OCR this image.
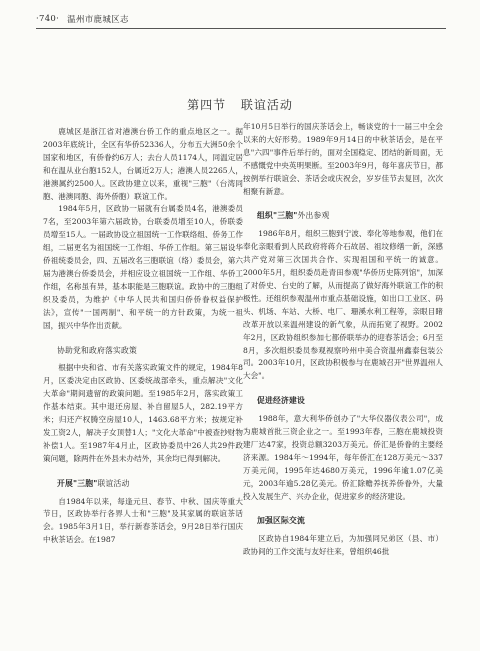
·740· 温州市鹿城区志
第四节 联谊活动

鹿城区是浙江省对港澳台侨工作的重点地区之一。据2003年底统计，全区有华侨52336人，分布五大洲50余个国家和地区，有侨眷约6万人；去台人员1174人，同温定居和在温从业台胞152人，台属近2万人；港澳人员2265人，港澳属约2500人。区政协建立以来，重视"三胞"（台湾同胞、港澳同胞、海外侨胞）联谊工作。

1984年5月，区政协一届就有台属委员4名，港澳委员7名，至2003年第六届政协，台联委员增至10人，侨联委员增至15人。一届政协设立祖国统一工作联络组、侨务工作组，二届更名为祖国统一工作组、华侨工作组。第三届设华侨祖统委员会，四、五届改名三胞联谊（络）委员会，第六届为港澳台侨委员会，并相应设立祖国统一工作组、华侨工作组，名称虽有异，基本职能是三胞联谊。政协中的三胞组织及委员，为维护《中华人民共和国归侨侨眷权益保护法》，宣传"一国两制"、和平统一的方针政策，为统一祖国，振兴中华作出贡献。

协助党和政府落实政策

根据中央和省、市有关落实政策文件的规定，1984年8月，区委决定由区政协、区委统战部牵头，重点解决"文化大革命"期间遗留的政策问题。至1985年2月，落实政策工作基本结束。其中退还房屋、补自留屋5人，282.19平方米；归还产权腾空房屋10人，1463.68平方米；按规定补发工资2人，解决子女顶替1人；"文化大革命"中被查抄财物补偿1人。至1987年4月止，区政协委员中26人共29件政策问题，除两件在外县未办结外，其余均已得到解决。

开展"三胞"联谊活动

自1984年以来，每逢元旦、春节、中秋、国庆等重大节日，区政协举行各界人士和"三胞"及其家属的联谊茶话会。1985年3月1日，举行新春茶话会，9月28日举行国庆中秋茶话会。在1987

年10月5日举行的国庆茶话会上，畅谈党的十一届三中全会以来的大好形势。1989年9月14日的中秋茶话会，是在平息"六四"事件后举行的，面对全国稳定、团结的新局面，无不感慨党中央英明果断。至2003年9月，每年喜庆节日，都按例举行联谊会、茶话会或庆祝会，岁岁佳节去复回，次次相聚有新意。

组织"三胞"外出参观

1986年8月，组织三胞到宁波、奉化等地参观，他们在奉化亲眼看到人民政府将蒋介石故居、祖坟修缮一新，深感共产党对第三次国共合作、实现祖国和平统一的诚意。2000年5月，组织委员赴青田参观"华侨历史陈列馆"，加深了对侨史、台史的了解，从而提高了做好海外联谊工作的积极性。还组织参观温州市重点基础设施，如出口工业区、码头、机场、车站、大桥、电厂、珊溪水利工程等，亲眼目睹改革开放以来温州建设的新气象，从而拓宽了视野。2002年2月，区政协组织参加七都侨联举办的迎春茶话会；6月至8月，多次组织委员参观视察吟州中美合资温州鑫泰包装公司。2003年10月，区政协积极参与在鹿城召开"世界温州人大会"。

促进经济建设

1988年，意大利华侨创办了"大华仪器仪表公司"，成为鹿城首批三资企业之一。至1993年春，三胞在鹿城投资建厂达47家，投资总额3203万美元。侨汇是侨眷的主要经济来源。1984年～1994年，每年侨汇在128万美元～337万美元间，1995年达4680万美元，1996年逾1.07亿美元，2003年逾5.28亿美元。侨汇除赡养抚养侨眷外，大量投入发展生产、兴办企业，促进家乡的经济建设。

加强区际交流

区政协自1984年建立后，为加强同兄弟区（县、市）政协间的工作交流与友好往来，曾组织46批
